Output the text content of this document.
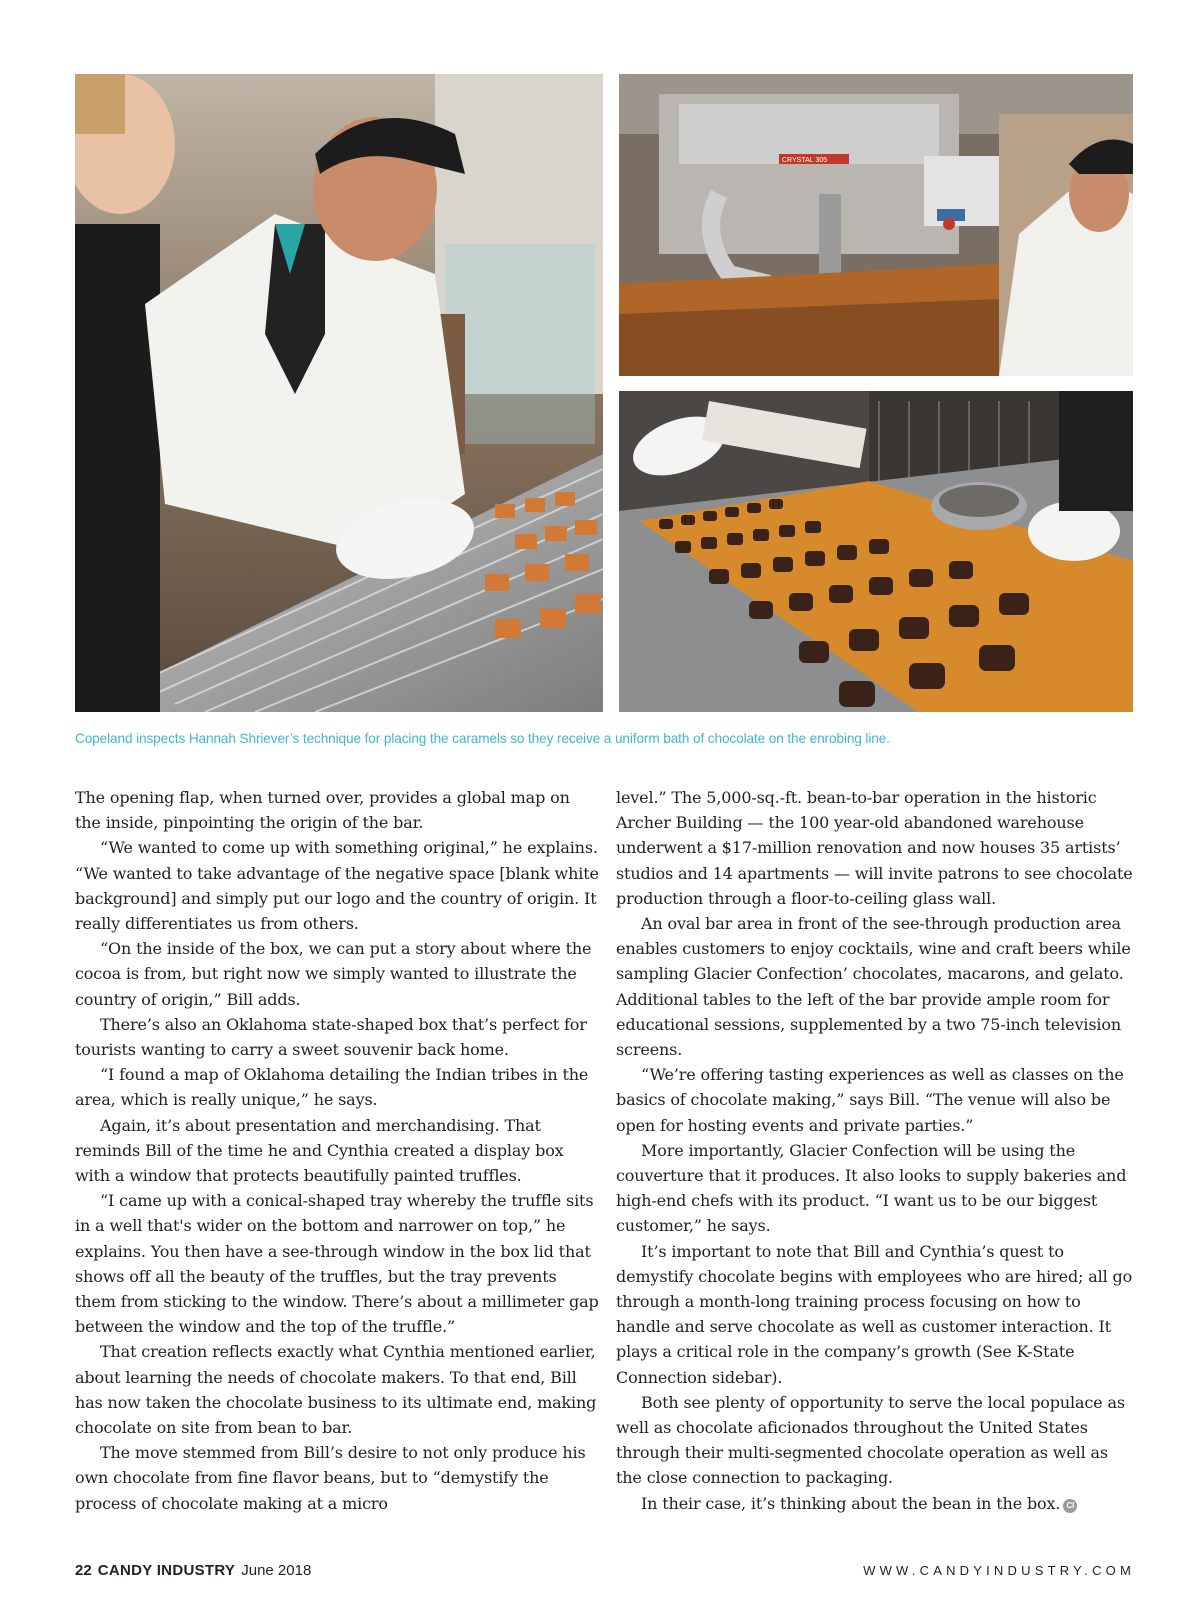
CRYSTAL 305
Copeland inspects Hannah Shriever’s technique for placing the caramels so they receive a uniform bath of chocolate on the enrobing line.

The opening flap, when turned over, provides a global map on the inside, pinpointing the origin of the bar.

“We wanted to come up with something original,” he explains. “We wanted to take advantage of the negative space [blank white background] and simply put our logo and the country of origin. It really differentiates us from others.

“On the inside of the box, we can put a story about where the cocoa is from, but right now we simply wanted to illustrate the country of origin,” Bill adds.

There’s also an Oklahoma state-shaped box that’s perfect for tourists wanting to carry a sweet souvenir back home.

“I found a map of Oklahoma detailing the Indian tribes in the area, which is really unique,” he says.

Again, it’s about presentation and merchandising. That reminds Bill of the time he and Cynthia created a display box with a window that protects beautifully painted truffles.

“I came up with a conical-shaped tray whereby the truffle sits in a well that's wider on the bottom and narrower on top,” he explains. You then have a see-through window in the box lid that shows off all the beauty of the truffles, but the tray prevents them from sticking to the window. There’s about a millimeter gap between the window and the top of the truffle.”

That creation reflects exactly what Cynthia mentioned earlier, about learning the needs of chocolate makers. To that end, Bill has now taken the chocolate business to its ultimate end, making chocolate on site from bean to bar.

The move stemmed from Bill’s desire to not only produce his own chocolate from fine flavor beans, but to “demystify the process of chocolate making at a micro

level.” The 5,000-sq.-ft. bean-to-bar operation in the historic Archer Building — the 100 year-old abandoned warehouse underwent a $17-million renovation and now houses 35 artists’ studios and 14 apartments — will invite patrons to see chocolate production through a floor-to-ceiling glass wall.

An oval bar area in front of the see-through production area enables customers to enjoy cocktails, wine and craft beers while sampling Glacier Confection’ chocolates, macarons, and gelato. Additional tables to the left of the bar provide ample room for educational sessions, supplemented by a two 75-inch television screens.

“We’re offering tasting experiences as well as classes on the basics of chocolate making,” says Bill. “The venue will also be open for hosting events and private parties.”

More importantly, Glacier Confection will be using the couverture that it produces. It also looks to supply bakeries and high-end chefs with its product. “I want us to be our biggest customer,” he says.

It’s important to note that Bill and Cynthia’s quest to demystify chocolate begins with employees who are hired; all go through a month-long training process focusing on how to handle and serve chocolate as well as customer interaction. It plays a critical role in the company’s growth (See K-State Connection sidebar).

Both see plenty of opportunity to serve the local populace as well as chocolate aficionados throughout the United States through their multi-segmented chocolate operation as well as the close connection to packaging.

In their case, it’s thinking about the bean in the box. CI

22 CANDY INDUSTRY June 2018	WWW.CANDYINDUSTRY.COM
